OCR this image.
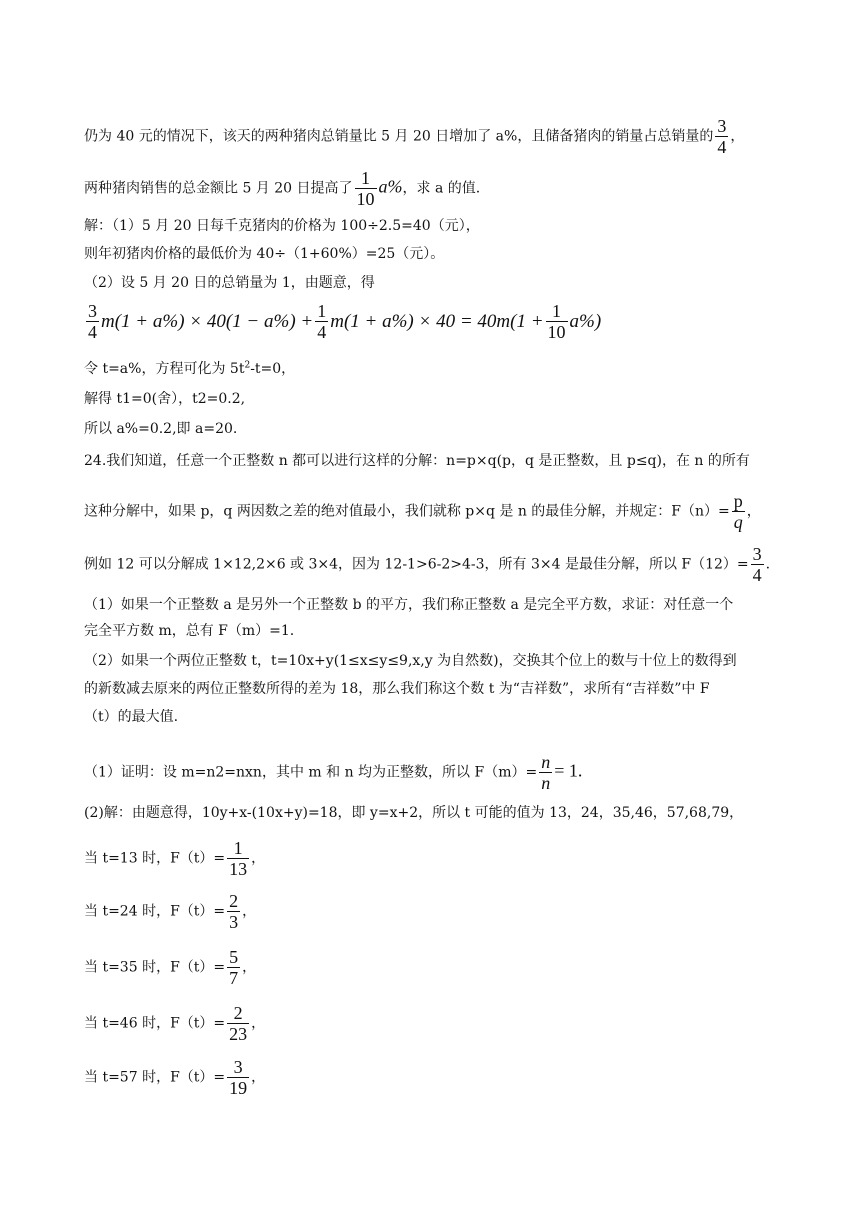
仍为 40 元的情况下，该天的两种猪肉总销量比 5 月 20 日增加了 a%，且储备猪肉的销量占总销量的 $\frac{3}{4}$ ，
两种猪肉销售的总金额比 5 月 20 日提高了 $\frac{1}{10} a\%$，求 a 的值.
解：（1）5 月 20 日每千克猪肉的价格为 100÷2.5=40（元），
则年初猪肉价格的最低价为 40÷（1+60%）=25（元）。
（2）设 5 月 20 日的总销量为 1，由题意，得
$\frac{3}{4} m(1 + a\%) \times 40(1 - a\%) + \frac{1}{4} m(1 + a\%) \times 40 = 40m(1 + \frac{1}{10} a\%)$
令 t=a%，方程可化为 $5t^2-t=0$，
解得 t1=0(舍），t2=0.2,
所以 a%=0.2,即 a=20.
24.我们知道，任意一个正整数 n 都可以进行这样的分解：n=p×q(p，q 是正整数，且 p≤q)，在 n 的所有
这种分解中，如果 p，q 两因数之差的绝对值最小，我们就称 p×q 是 n 的最佳分解，并规定：$F(n)= \frac{p}{q}$ ，
例如 12 可以分解成 1×12,2×6 或 3×4，因为 12-1>6-2>4-3，所有 3×4 是最佳分解，所以 $F(12)= \frac{3}{4}$ .
（1）如果一个正整数 a 是另外一个正整数 b 的平方，我们称正整数 a 是完全平方数，求证：对任意一个
完全平方数 m，总有 F（m）=1.
（2）如果一个两位正整数 t，t=10x+y(1≤x≤y≤9,x,y 为自然数)，交换其个位上的数与十位上的数得到
的新数减去原来的两位正整数所得的差为 18，那么我们称这个数 t 为“吉祥数”，求所有“吉祥数”中 F
（t）的最大值.
（1）证明：设 m=n2=nxn，其中 m 和 n 均为正整数，所以 $F(m)= \frac{n}{n} = 1$.
(2)解：由题意得，10y+x-(10x+y)=18，即 y=x+2，所以 t 可能的值为 13，24，35,46，57,68,79，
当 t=13 时，$F(t)= \frac{1}{13}$ ，
当 t=24 时，$F(t)= \frac{2}{3}$ ，
当 t=35 时，$F(t)= \frac{5}{7}$ ，
当 t=46 时，$F(t)= \frac{2}{23}$ ，
当 t=57 时，$F(t)= \frac{3}{19}$ ，
